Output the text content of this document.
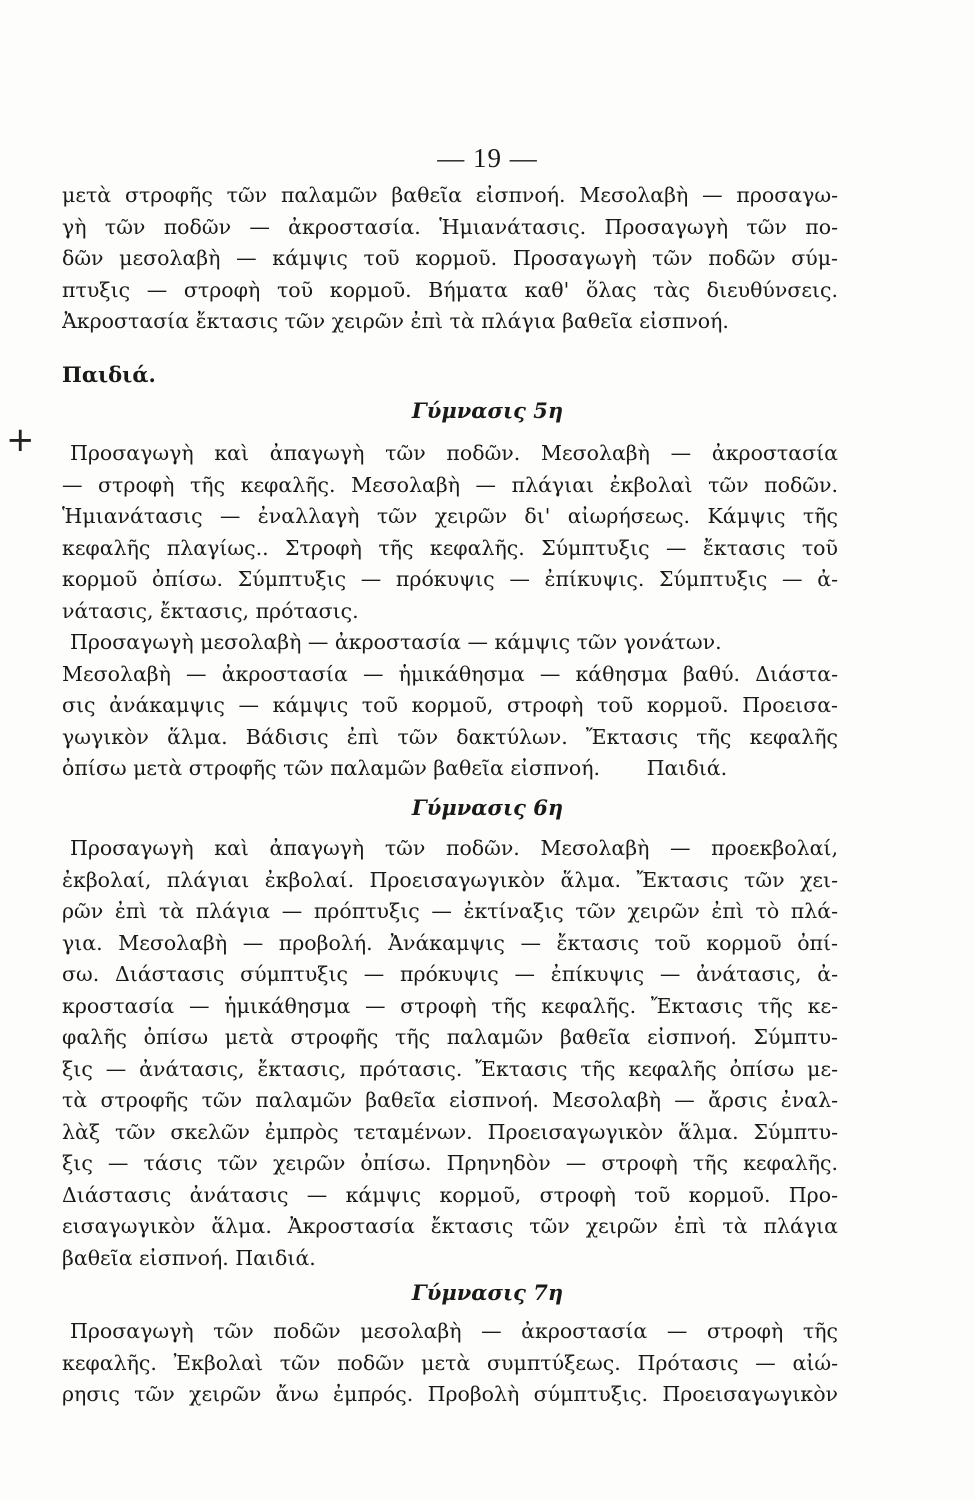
— 19 —
+
μετὰ στροφῆς τῶν παλαμῶν βαθεῖα εἰσπνοή. Μεσολαβὴ — προσαγω-
γὴ τῶν ποδῶν — ἀκροστασία. Ἡμιανάτασις. Προσαγωγὴ τῶν πο-
δῶν μεσολαβὴ — κάμψις τοῦ κορμοῦ. Προσαγωγὴ τῶν ποδῶν σύμ-
πτυξις — στροφὴ τοῦ κορμοῦ. Βήματα καθ' ὅλας τὰς διευθύνσεις.
Ἀκροστασία ἔκτασις τῶν χειρῶν ἐπὶ τὰ πλάγια βαθεῖα εἰσπνοή.
Παιδιά.
Γύμνασις 5η
Προσαγωγὴ καὶ ἀπαγωγὴ τῶν ποδῶν. Μεσολαβὴ — ἀκροστασία
— στροφὴ τῆς κεφαλῆς. Μεσολαβὴ — πλάγιαι ἐκβολαὶ τῶν ποδῶν.
Ἡμιανάτασις — ἐναλλαγὴ τῶν χειρῶν δι' αἰωρήσεως. Κάμψις τῆς
κεφαλῆς πλαγίως.. Στροφὴ τῆς κεφαλῆς. Σύμπτυξις — ἔκτασις τοῦ
κορμοῦ ὀπίσω. Σύμπτυξις — πρόκυψις — ἐπίκυψις. Σύμπτυξις — ἀ-
νάτασις, ἔκτασις, πρότασις.
Προσαγωγὴ μεσολαβὴ — ἀκροστασία — κάμψις τῶν γονάτων.
Μεσολαβὴ — ἀκροστασία — ἡμικάθησμα — κάθησμα βαθύ. Διάστα-
σις ἀνάκαμψις — κάμψις τοῦ κορμοῦ, στροφὴ τοῦ κορμοῦ. Προεισα-
γωγικὸν ἅλμα. Βάδισις ἐπὶ τῶν δακτύλων. Ἔκτασις τῆς κεφαλῆς
ὀπίσω μετὰ στροφῆς τῶν παλαμῶν βαθεῖα εἰσπνοή. Παιδιά.
Γύμνασις 6η
Προσαγωγὴ καὶ ἀπαγωγὴ τῶν ποδῶν. Μεσολαβὴ — προεκβολαί,
ἐκβολαί, πλάγιαι ἐκβολαί. Προεισαγωγικὸν ἅλμα. Ἔκτασις τῶν χει-
ρῶν ἐπὶ τὰ πλάγια — πρόπτυξις — ἐκτίναξις τῶν χειρῶν ἐπὶ τὸ πλά-
για. Μεσολαβὴ — προβολή. Ἀνάκαμψις — ἔκτασις τοῦ κορμοῦ ὀπί-
σω. Διάστασις σύμπτυξις — πρόκυψις — ἐπίκυψις — ἀνάτασις, ἀ-
κροστασία — ἡμικάθησμα — στροφὴ τῆς κεφαλῆς. Ἔκτασις τῆς κε-
φαλῆς ὀπίσω μετὰ στροφῆς τῆς παλαμῶν βαθεῖα εἰσπνοή. Σύμπτυ-
ξις — ἀνάτασις, ἔκτασις, πρότασις. Ἔκτασις τῆς κεφαλῆς ὀπίσω με-
τὰ στροφῆς τῶν παλαμῶν βαθεῖα εἰσπνοή. Μεσολαβὴ — ἄρσις ἐναλ-
λὰξ τῶν σκελῶν ἐμπρὸς τεταμένων. Προεισαγωγικὸν ἅλμα. Σύμπτυ-
ξις — τάσις τῶν χειρῶν ὀπίσω. Πρηνηδὸν — στροφὴ τῆς κεφαλῆς.
Διάστασις ἀνάτασις — κάμψις κορμοῦ, στροφὴ τοῦ κορμοῦ. Προ-
εισαγωγικὸν ἅλμα. Ἀκροστασία ἔκτασις τῶν χειρῶν ἐπὶ τὰ πλάγια
βαθεῖα εἰσπνοή. Παιδιά.
Γύμνασις 7η
Προσαγωγὴ τῶν ποδῶν μεσολαβὴ — ἀκροστασία — στροφὴ τῆς
κεφαλῆς. Ἐκβολαὶ τῶν ποδῶν μετὰ συμπτύξεως. Πρότασις — αἰώ-
ρησις τῶν χειρῶν ἄνω ἐμπρός. Προβολὴ σύμπτυξις. Προεισαγωγικὸν
